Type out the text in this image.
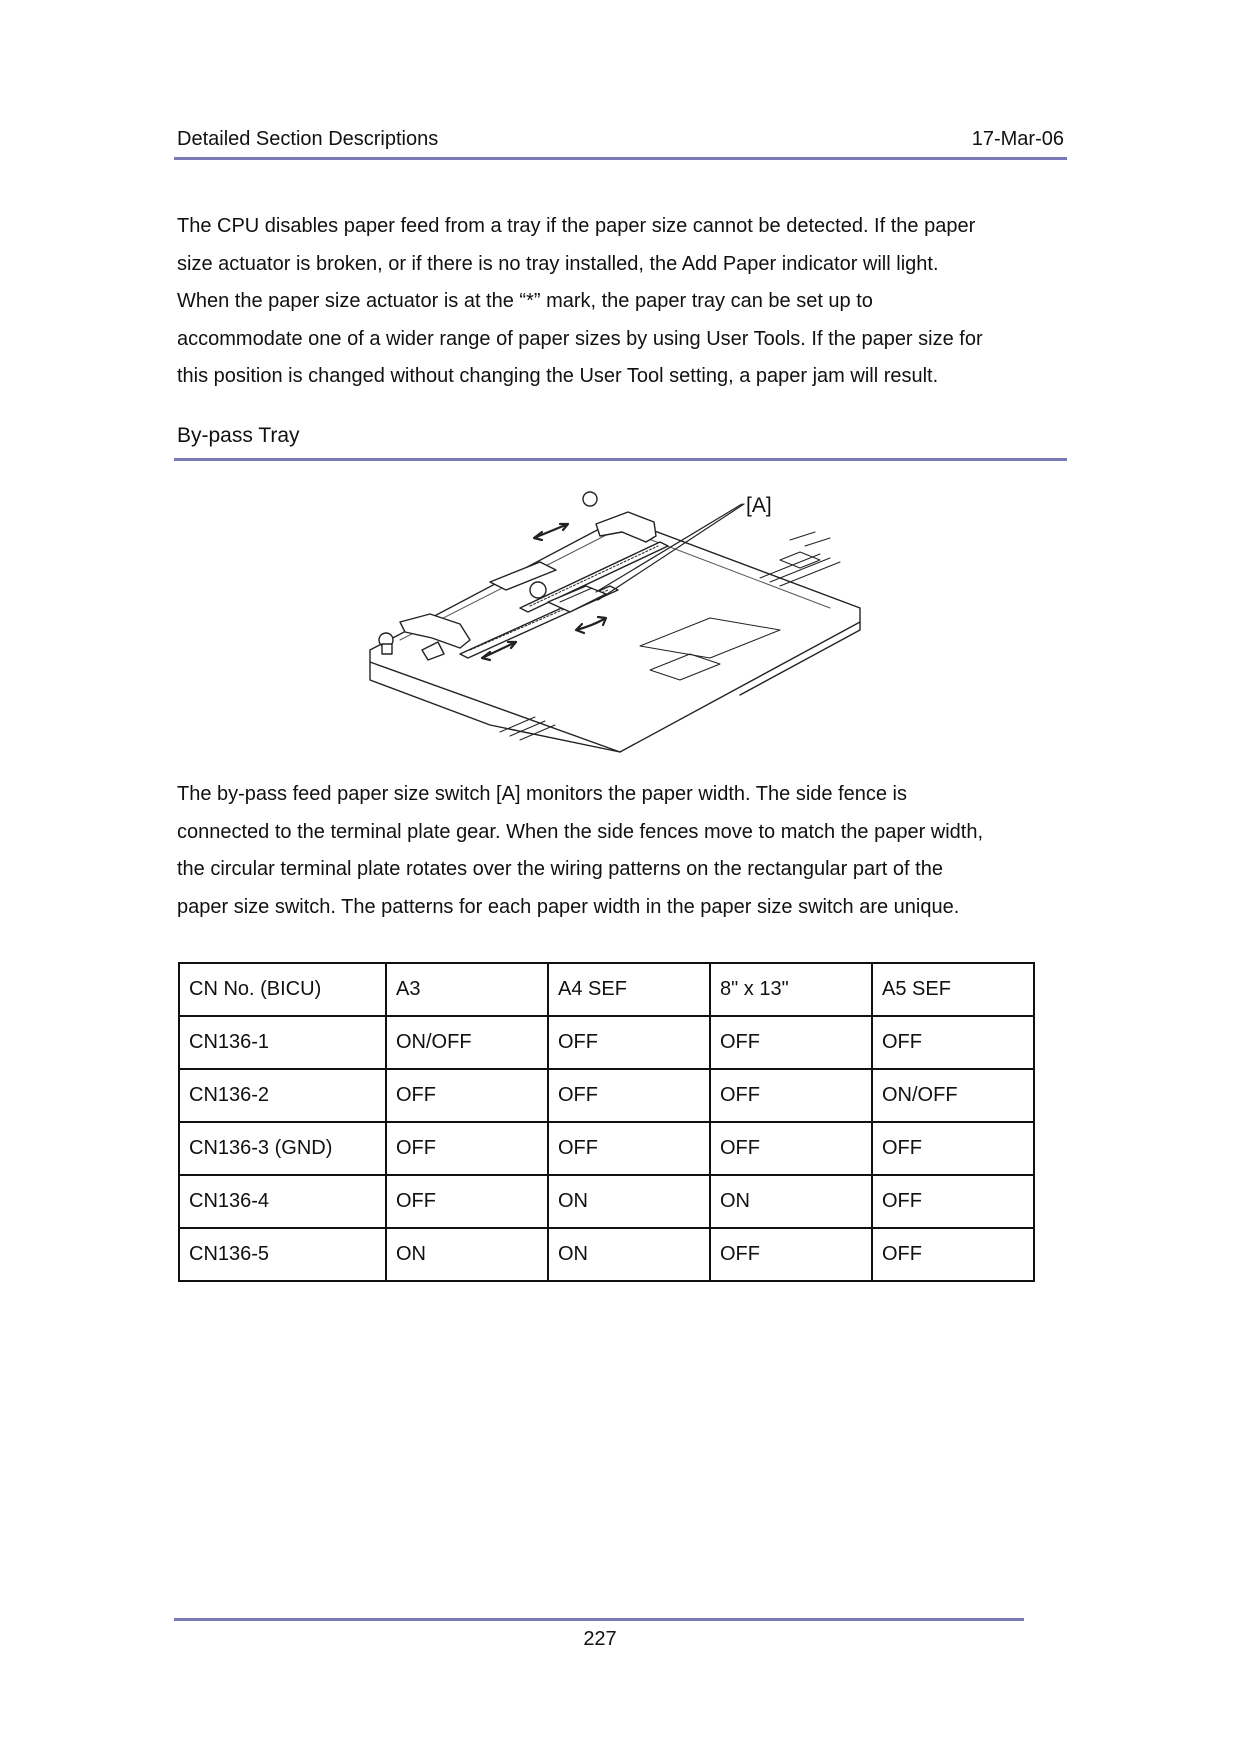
Detailed Section Descriptions	17-Mar-06
The CPU disables paper feed from a tray if the paper size cannot be detected. If the paper
size actuator is broken, or if there is no tray installed, the Add Paper indicator will light.
When the paper size actuator is at the “*” mark, the paper tray can be set up to
accommodate one of a wider range of paper sizes by using User Tools. If the paper size for
this position is changed without changing the User Tool setting, a paper jam will result.
By-pass Tray
[A]
The by-pass feed paper size switch [A] monitors the paper width. The side fence is
connected to the terminal plate gear. When the side fences move to match the paper width,
the circular terminal plate rotates over the wiring patterns on the rectangular part of the
paper size switch. The patterns for each paper width in the paper size switch are unique.
CN No. (BICU)	A3	A4 SEF	8" x 13"	A5 SEF
CN136-1	ON/OFF	OFF	OFF	OFF
CN136-2	OFF	OFF	OFF	ON/OFF
CN136-3 (GND)	OFF	OFF	OFF	OFF
CN136-4	OFF	ON	ON	OFF
CN136-5	ON	ON	OFF	OFF
227
